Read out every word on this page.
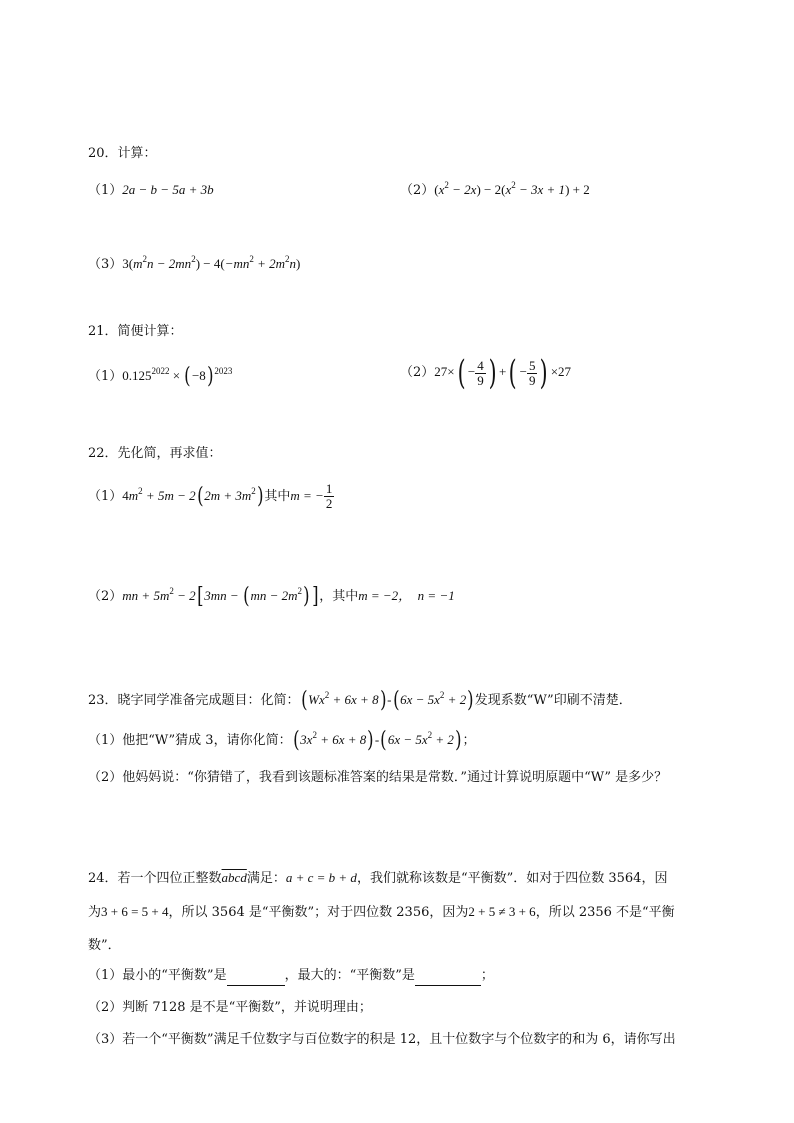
20．计算：
（1）2a − b − 5a + 3b	$(2)(x^2 - 2x) - 2(x^2 - 3x + 1) + 2$
$(3)3(m^2n - 2mn^2) - 4(-mn^2 + 2m^2n)$
21．简便计算：
$(1)0.125^{2022} \times (-8)^{2023}$	$(2)27\times( - \frac{4}{9}$ ) +( − $\frac{5}{9}$ ) ×27
22．先化简，再求值：
$(1)4m^2 + 5m - 2(2m + 3m^2)$其中m = − $\frac{1}{2}$
$(2)mn + 5m^2 - 2[3mn - (mn - 2m^2)]$，其中m = −2，  n = −1
23．晓字同学准备完成题目：化简：$(Wx^2 + 6x + 8)-(6x - 5x^2 + 2)$发现系数“W”印刷不清楚．
（1）他把“W”猜成 3，请你化简：$(3x^2 + 6x + 8)-(6x - 5x^2 + 2)$；
（2）他妈妈说：“你猜错了，我看到该题标准答案的结果是常数．”通过计算说明原题中“W” 是多少？
24．若一个四位正整数abcd满足：a + c = b + d，我们就称该数是“平衡数”．如对于四位数 3564，因
为3 + 6 = 5 + 4，所以 3564 是“平衡数”；对于四位数 2356，因为2 + 5 ≠ 3 + 6，所以 2356 不是“平衡
数”．
（1）最小的“平衡数”是	，最大的：“平衡数”是	；
（2）判断 7128 是不是“平衡数”，并说明理由；
（3）若一个“平衡数”满足千位数字与百位数字的积是 12，且十位数字与个位数字的和为 6，请你写出
